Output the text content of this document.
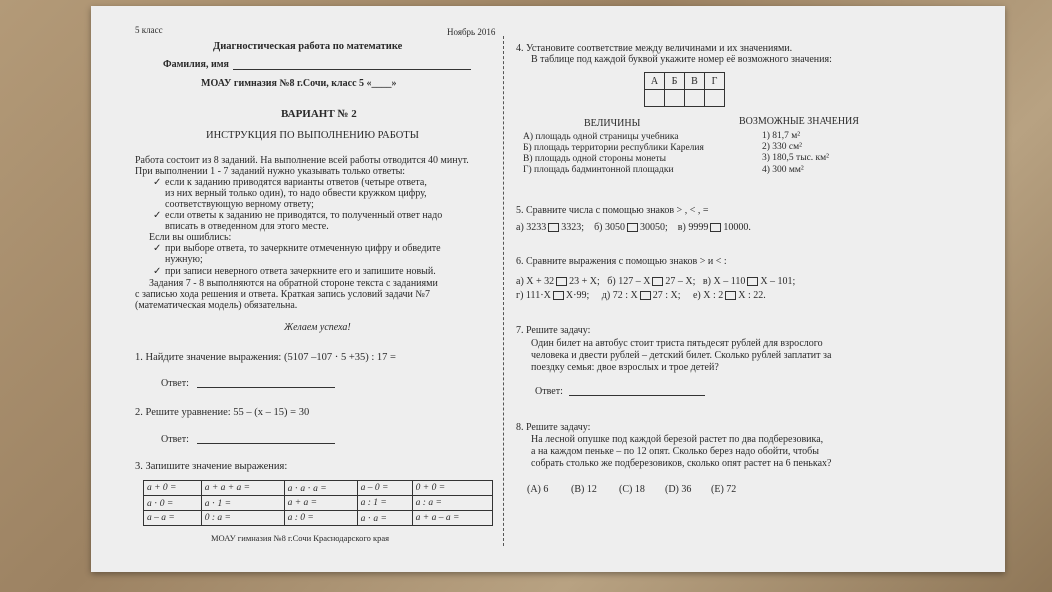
5 класс	Ноябрь 2016
Диагностическая работа по математике
Фамилия, имя
МОАУ гимназия №8 г.Сочи, класс 5 «____»
ВАРИАНТ № 2
ИНСТРУКЦИЯ ПО ВЫПОЛНЕНИЮ РАБОТЫ
Работа состоит из 8 заданий. На выполнение всей работы отводится 40 минут.
При выполнении 1 - 7 заданий нужно указывать только ответы:
✓ если к заданию приводятся варианты ответов (четыре ответа,
из них верный только один), то надо обвести кружком цифру,
соответствующую верному ответу;
✓ если ответы к заданию не приводятся, то полученный ответ надо
вписать в отведенном для этого месте.
Если вы ошиблись:
✓ при выборе ответа, то зачеркните отмеченную цифру и обведите
нужную;
✓ при записи неверного ответа зачеркните его и запишите новый.
Задания 7 - 8 выполняются на обратной стороне текста с заданиями
с записью хода решения и ответа. Краткая запись условий задачи №7
(математическая модель) обязательна.
Желаем успеха!
1. Найдите значение выражения: (5107 –107 ⋅ 5 +35) : 17 =
Ответ:
2. Решите уравнение: 55 – (х – 15) = 30
Ответ:
3. Запишите значение выражения:
а + 0 =	а + а + а =	а ⋅ а ⋅ а =	а – 0 =	0 + 0 =
а ⋅ 0 =	а ⋅ 1 =	а + а =	а : 1 =	а : а =
а – а =	0 : а =	а : 0 =	а ⋅ а =	а + а – а =
МОАУ гимназия №8 г.Сочи Краснодарского края
4. Установите соответствие между величинами и их значениями.
В таблице под каждой буквой укажите номер её возможного значения:
А	Б	В	Г

ВЕЛИЧИНЫ	ВОЗМОЖНЫЕ ЗНАЧЕНИЯ
А) площадь одной страницы учебника
Б) площадь территории республики Карелия
В) площадь одной стороны монеты
Г) площадь бадминтонной площадки
1) 81,7 м²
2) 330 см²
3) 180,5 тыс. км²
4) 300 мм²
5. Сравните числа с помощью знаков > , < , =
а) 3233 3323; б) 3050 30050; в) 9999 10000.
6. Сравните выражения с помощью знаков > и < :
а) Х + 32 23 + Х; б) 127 – Х 27 – Х; в) Х – 110 Х – 101;
г) 111⋅Х Х⋅99; д) 72 : Х 27 : Х; е) Х : 2 Х : 22.
7. Решите задачу:
Один билет на автобус стоит триста пятьдесят рублей для взрослого
человека и двести рублей – детский билет. Сколько рублей заплатит за
поездку семья: двое взрослых и трое детей?
Ответ:
8. Решите задачу:
На лесной опушке под каждой березой растет по два подберезовика,
а на каждом пеньке – по 12 опят. Сколько берез надо обойти, чтобы
собрать столько же подберезовиков, сколько опят растет на 6 пеньках?
(А) 6 (В) 12 (С) 18 (D) 36 (Е) 72
